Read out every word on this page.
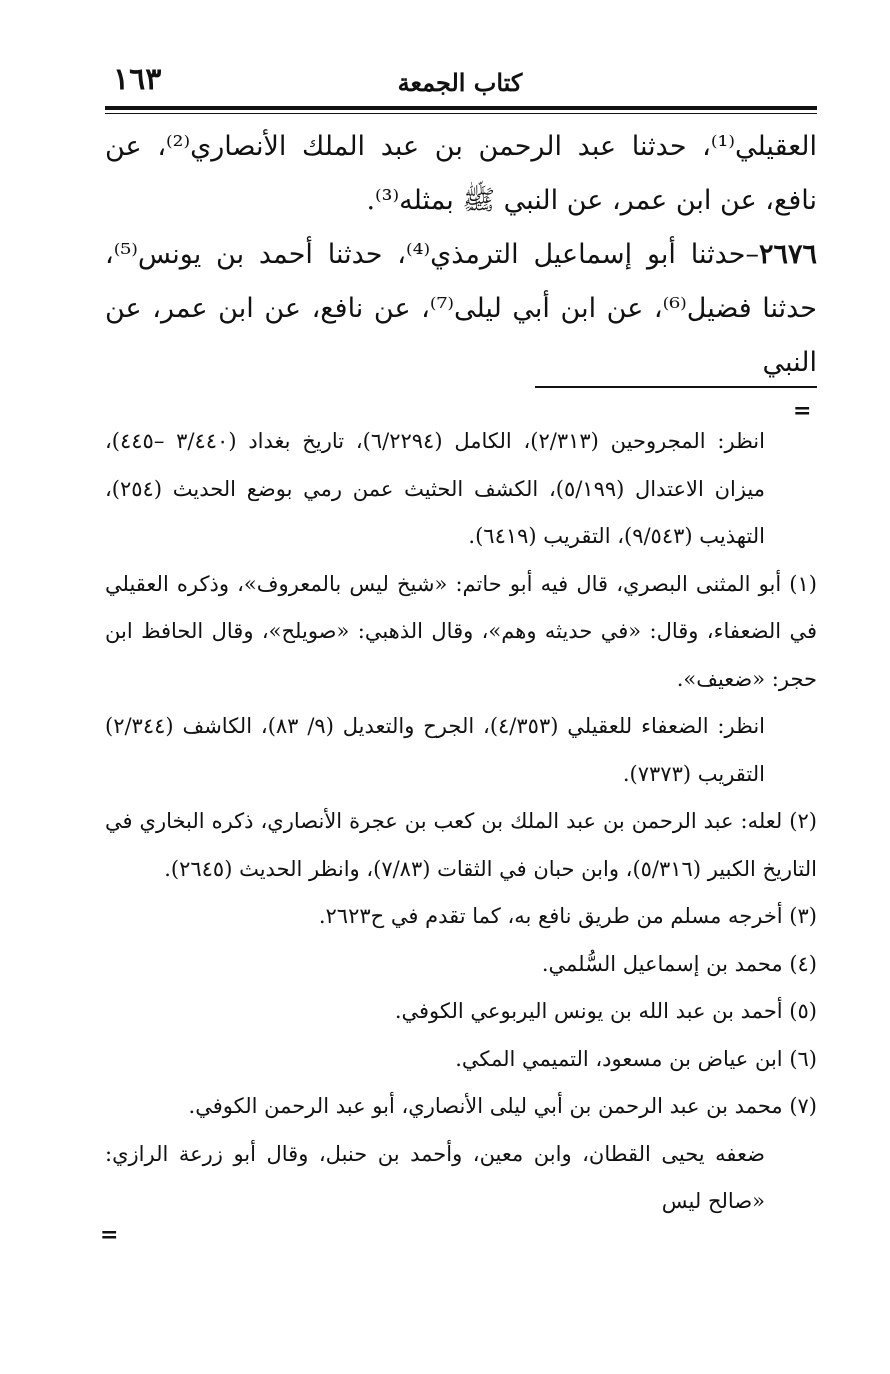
١٦٣	كتاب الجمعة

العقيلي⁽¹⁾، حدثنا عبد الرحمن بن عبد الملك الأنصاري⁽²⁾، عن نافع، عن ابن عمر، عن النبي ﷺ بمثله⁽³⁾.

٢٦٧٦–حدثنا أبو إسماعيل الترمذي⁽⁴⁾، حدثنا أحمد بن يونس⁽⁵⁾، حدثنا فضيل⁽⁶⁾، عن ابن أبي ليلى⁽⁷⁾، عن نافع، عن ابن عمر، عن النبي

=

انظر: المجروحين (٢/٣١٣)، الكامل (٦/٢٢٩٤)، تاريخ بغداد (٣/٤٤٠ –٤٤٥)، ميزان الاعتدال (٥/١٩٩)، الكشف الحثيث عمن رمي بوضع الحديث (٢٥٤)، التهذيب (٩/٥٤٣)، التقريب (٦٤١٩).

(١) أبو المثنى البصري، قال فيه أبو حاتم: «شيخ ليس بالمعروف»، وذكره العقيلي في الضعفاء، وقال: «في حديثه وهم»، وقال الذهبي: «صويلح»، وقال الحافظ ابن حجر: «ضعيف».

انظر: الضعفاء للعقيلي (٤/٣٥٣)، الجرح والتعديل (٩/ ٨٣)، الكاشف (٢/٣٤٤) التقريب (٧٣٧٣).

(٢) لعله: عبد الرحمن بن عبد الملك بن كعب بن عجرة الأنصاري، ذكره البخاري في التاريخ الكبير (٥/٣١٦)، وابن حبان في الثقات (٧/٨٣)، وانظر الحديث (٢٦٤٥).

(٣) أخرجه مسلم من طريق نافع به، كما تقدم في ح٢٦٢٣.

(٤) محمد بن إسماعيل السُّلمي.

(٥) أحمد بن عبد الله بن يونس اليربوعي الكوفي.

(٦) ابن عياض بن مسعود، التميمي المكي.

(٧) محمد بن عبد الرحمن بن أبي ليلى الأنصاري، أبو عبد الرحمن الكوفي.

ضعفه يحيى القطان، وابن معين، وأحمد بن حنبل، وقال أبو زرعة الرازي: «صالح ليس

=
